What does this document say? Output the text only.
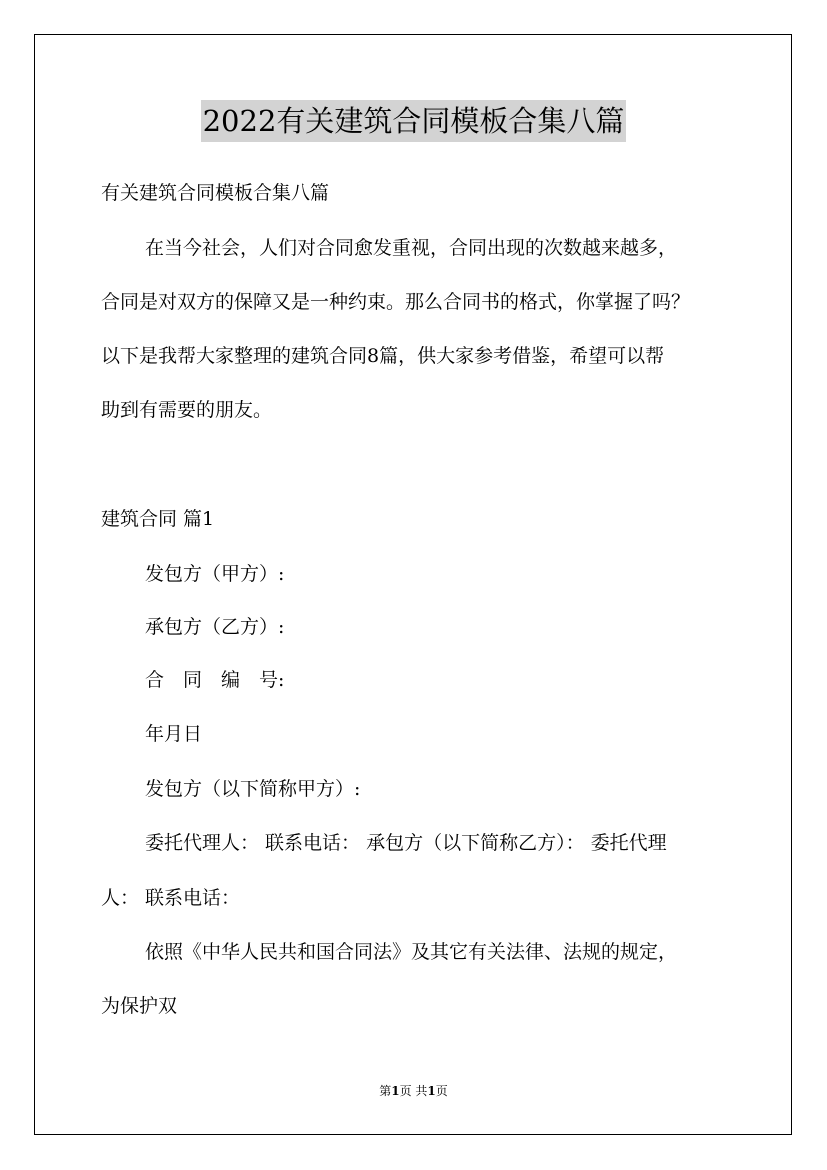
2022有关建筑合同模板合集八篇
有关建筑合同模板合集八篇
在当今社会，人们对合同愈发重视，合同出现的次数越来越多，
合同是对双方的保障又是一种约束。那么合同书的格式，你掌握了吗？
以下是我帮大家整理的建筑合同8篇，供大家参考借鉴，希望可以帮
助到有需要的朋友。
建筑合同 篇1
发包方（甲方）:
承包方（乙方）:
合　同　编　号:
年月日
发包方（以下简称甲方）:
委托代理人： 联系电话： 承包方（以下简称乙方）： 委托代理
人： 联系电话：
依照《中华人民共和国合同法》及其它有关法律、法规的规定，
为保护双
第1页 共1页
